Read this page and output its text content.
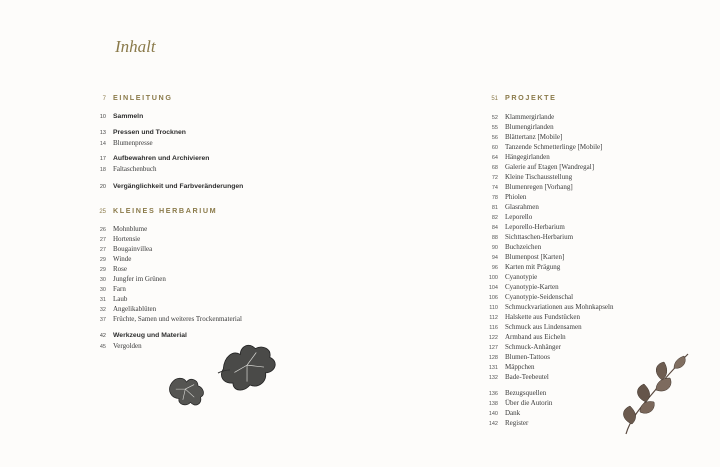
Inhalt
7 EINLEITUNG
10 Sammeln
13 Pressen und Trocknen
14 Blumenpresse
17 Aufbewahren und Archivieren
18 Faltaschenbuch
20 Vergänglichkeit und Farbveränderungen
25 KLEINES HERBARIUM
26 Mohnblume
27 Hortensie
27 Bougainvillea
29 Winde
29 Rose
30 Jungfer im Grünen
30 Farn
31 Laub
32 Angelikablüten
37 Früchte, Samen und weiteres Trockenmaterial
42 Werkzeug und Material
45 Vergolden
51 PROJEKTE
52 Klammergirlande
55 Blumengirlanden
56 Blättertanz [Mobile]
60 Tanzende Schmetterlinge [Mobile]
64 Hängegirlanden
68 Galerie auf Etagen [Wandregal]
72 Kleine Tischausstellung
74 Blumenregen [Vorhang]
78 Phiolen
81 Glasrahmen
82 Leporello
84 Leporello-Herbarium
88 Sichttaschen-Herbarium
90 Buchzeichen
94 Blumenpost [Karten]
96 Karten mit Prägung
100 Cyanotypie
104 Cyanotypie-Karten
106 Cyanotypie-Seidenschal
110 Schmuckvariationen aus Mohnkapseln
112 Halskette aus Fundstücken
116 Schmuck aus Lindensamen
122 Armband aus Eicheln
127 Schmuck-Anhänger
128 Blumen-Tattoos
131 Mäppchen
132 Bade-Teebeutel
136 Bezugsquellen
138 Über die Autorin
140 Dank
142 Register
